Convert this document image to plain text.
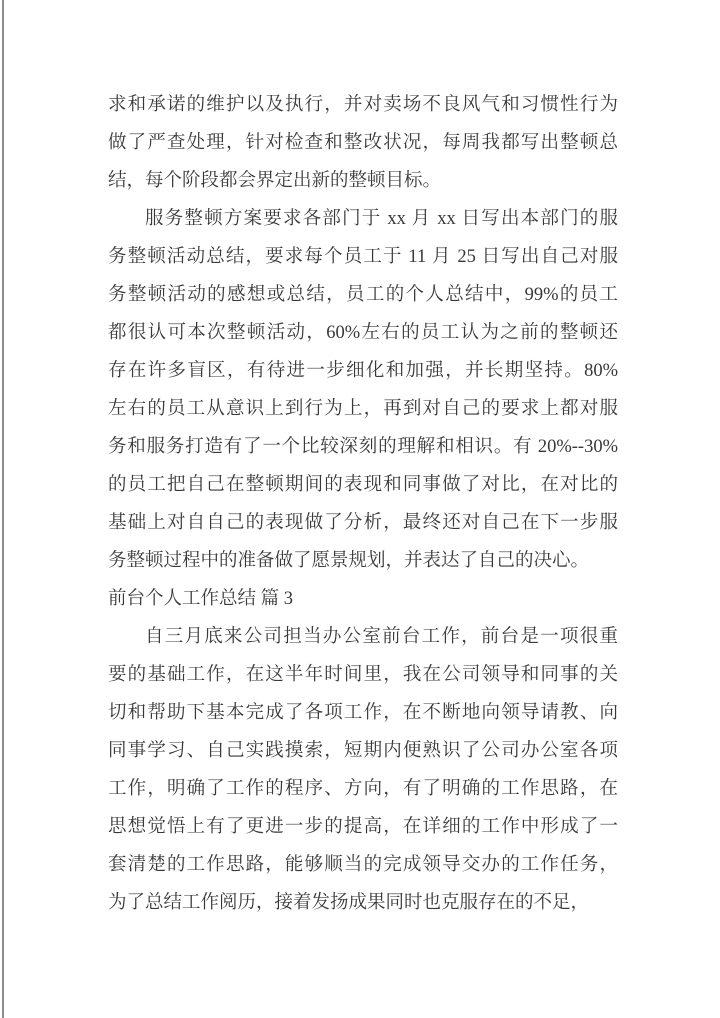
求和承诺的维护以及执行，并对卖场不良风气和习惯性行为
做了严查处理，针对检查和整改状况，每周我都写出整顿总
结，每个阶段都会界定出新的整顿目标。
服务整顿方案要求各部门于 xx 月 xx 日写出本部门的服
务整顿活动总结，要求每个员工于 11 月 25 日写出自己对服
务整顿活动的感想或总结，员工的个人总结中，99%的员工
都很认可本次整顿活动，60%左右的员工认为之前的整顿还
存在许多盲区，有待进一步细化和加强，并长期坚持。80%
左右的员工从意识上到行为上，再到对自己的要求上都对服
务和服务打造有了一个比较深刻的理解和相识。有 20%--30%
的员工把自己在整顿期间的表现和同事做了对比，在对比的
基础上对自自己的表现做了分析，最终还对自己在下一步服
务整顿过程中的准备做了愿景规划，并表达了自己的决心。
前台个人工作总结 篇 3
自三月底来公司担当办公室前台工作，前台是一项很重
要的基础工作，在这半年时间里，我在公司领导和同事的关
切和帮助下基本完成了各项工作，在不断地向领导请教、向
同事学习、自己实践摸索，短期内便熟识了公司办公室各项
工作，明确了工作的程序、方向，有了明确的工作思路，在
思想觉悟上有了更进一步的提高，在详细的工作中形成了一
套清楚的工作思路，能够顺当的完成领导交办的工作任务，
为了总结工作阅历，接着发扬成果同时也克服存在的不足，
